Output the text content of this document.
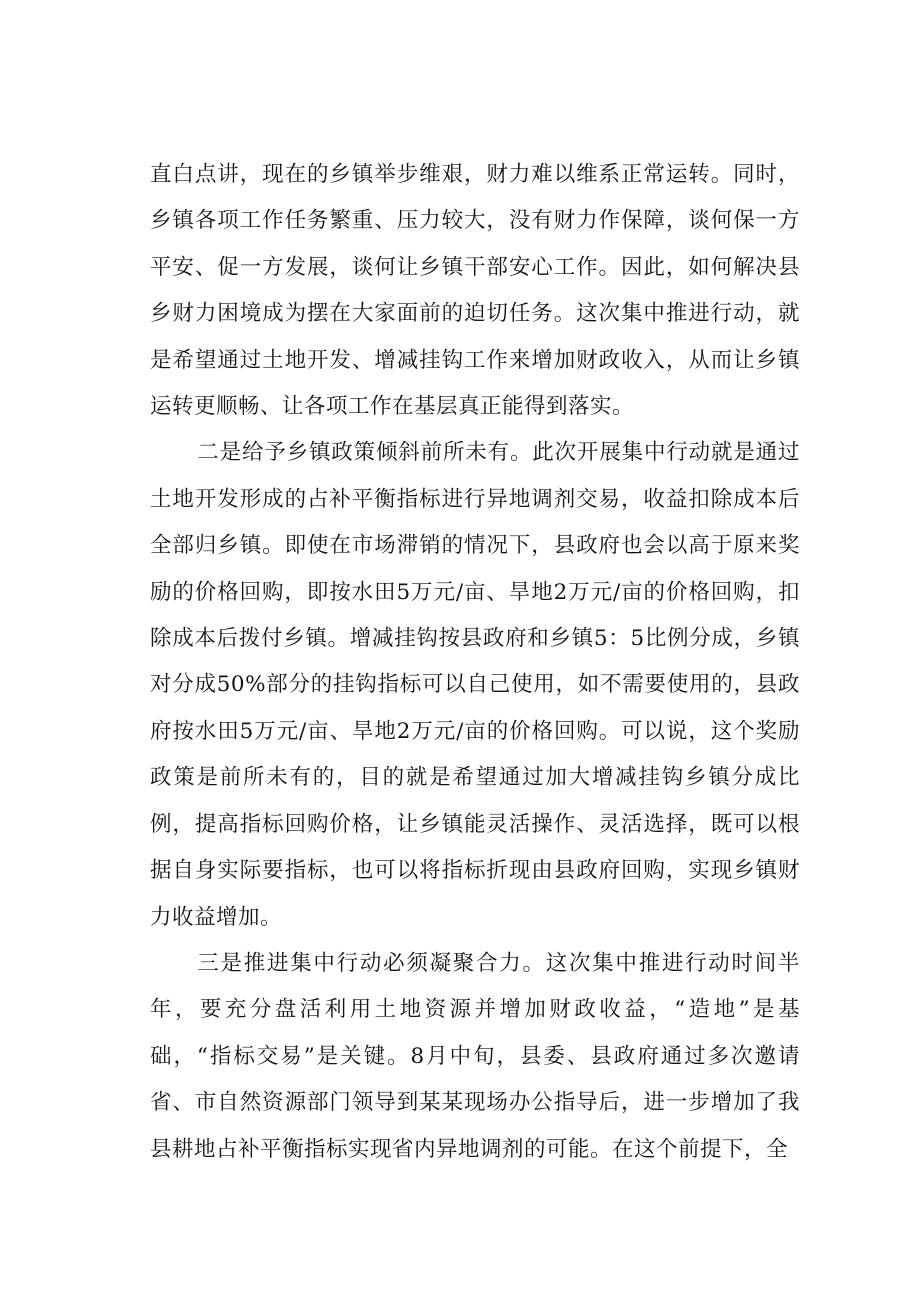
直白点讲，现在的乡镇举步维艰，财力难以维系正常运转。同时，乡镇各项工作任务繁重、压力较大，没有财力作保障，谈何保一方平安、促一方发展，谈何让乡镇干部安心工作。因此，如何解决县乡财力困境成为摆在大家面前的迫切任务。这次集中推进行动，就是希望通过土地开发、增减挂钩工作来增加财政收入，从而让乡镇运转更顺畅、让各项工作在基层真正能得到落实。

二是给予乡镇政策倾斜前所未有。此次开展集中行动就是通过土地开发形成的占补平衡指标进行异地调剂交易，收益扣除成本后全部归乡镇。即使在市场滞销的情况下，县政府也会以高于原来奖励的价格回购，即按水田5万元/亩、旱地2万元/亩的价格回购，扣除成本后拨付乡镇。增减挂钩按县政府和乡镇5：5比例分成，乡镇对分成50%部分的挂钩指标可以自己使用，如不需要使用的，县政府按水田5万元/亩、旱地2万元/亩的价格回购。可以说，这个奖励政策是前所未有的，目的就是希望通过加大增减挂钩乡镇分成比例，提高指标回购价格，让乡镇能灵活操作、灵活选择，既可以根据自身实际要指标，也可以将指标折现由县政府回购，实现乡镇财力收益增加。

三是推进集中行动必须凝聚合力。这次集中推进行动时间半年，要充分盘活利用土地资源并增加财政收益，“造地”是基础，“指标交易”是关键。8月中旬，县委、县政府通过多次邀请省、市自然资源部门领导到某某现场办公指导后，进一步增加了我县耕地占补平衡指标实现省内异地调剂的可能。在这个前提下，全
